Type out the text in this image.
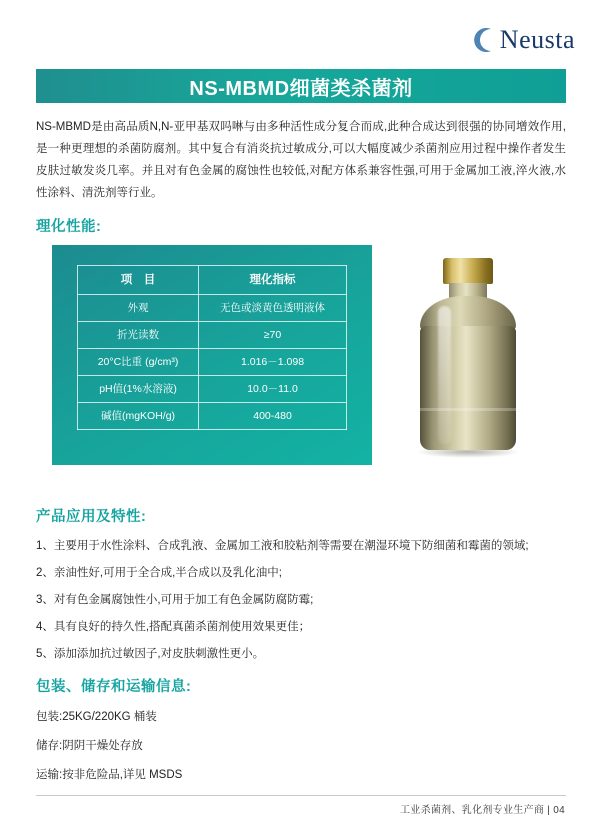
Neusta
NS-MBMD细菌类杀菌剂
NS-MBMD是由高品质N,N-亚甲基双吗啉与由多种活性成分复合而成,此种合成达到很强的协同增效作用,是一种更理想的杀菌防腐剂。其中复合有消炎抗过敏成分,可以大幅度减少杀菌剂应用过程中操作者发生皮肤过敏发炎几率。并且对有色金属的腐蚀性也较低,对配方体系兼容性强,可用于金属加工液,淬火液,水性涂料、清洗剂等行业。
理化性能:
项　目	理化指标
外观	无色或淡黄色透明液体
折光读数	≥70
20°C比重 (g/cm³)	1.016－1.098
pH值(1%水溶液)	10.0－11.0
碱值(mgKOH/g)	400-480
产品应用及特性:
1、主要用于水性涂料、合成乳液、金属加工液和胶粘剂等需要在潮湿环境下防细菌和霉菌的领域;
2、亲油性好,可用于全合成,半合成以及乳化油中;
3、对有色金属腐蚀性小,可用于加工有色金属防腐防霉;
4、具有良好的持久性,搭配真菌杀菌剂使用效果更佳；
5、添加添加抗过敏因子,对皮肤刺激性更小。
包装、储存和运输信息:
包装:25KG/220KG 桶装
储存:阴阴干燥处存放
运输:按非危险品,详见 MSDS
工业杀菌剂、乳化剂专业生产商 | 04
